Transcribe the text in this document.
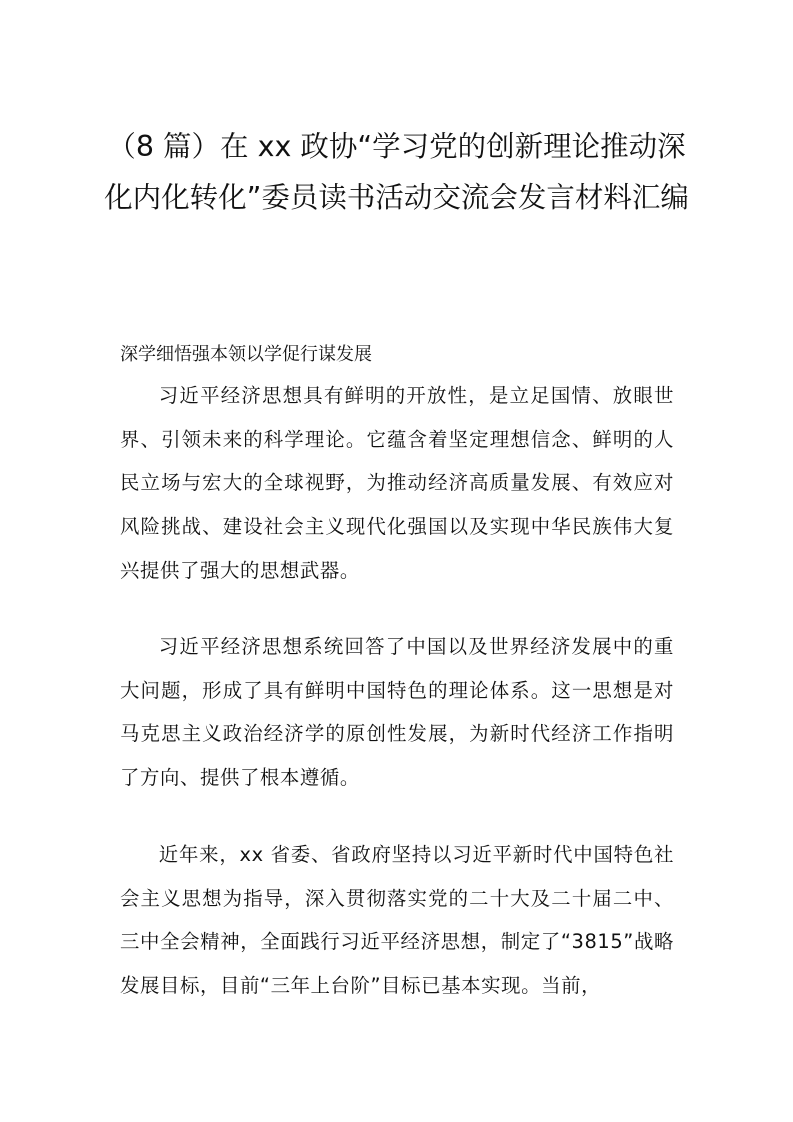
（8 篇）在 xx 政协“学习党的创新理论推动深化内化转化”委员读书活动交流会发言材料汇编

深学细悟强本领以学促行谋发展

习近平经济思想具有鲜明的开放性，是立足国情、放眼世界、引领未来的科学理论。它蕴含着坚定理想信念、鲜明的人民立场与宏大的全球视野，为推动经济高质量发展、有效应对风险挑战、建设社会主义现代化强国以及实现中华民族伟大复兴提供了强大的思想武器。

习近平经济思想系统回答了中国以及世界经济发展中的重大问题，形成了具有鲜明中国特色的理论体系。这一思想是对马克思主义政治经济学的原创性发展，为新时代经济工作指明了方向、提供了根本遵循。

近年来，xx 省委、省政府坚持以习近平新时代中国特色社会主义思想为指导，深入贯彻落实党的二十大及二十届二中、三中全会精神，全面践行习近平经济思想，制定了“3815”战略发展目标，目前“三年上台阶”目标已基本实现。当前，
